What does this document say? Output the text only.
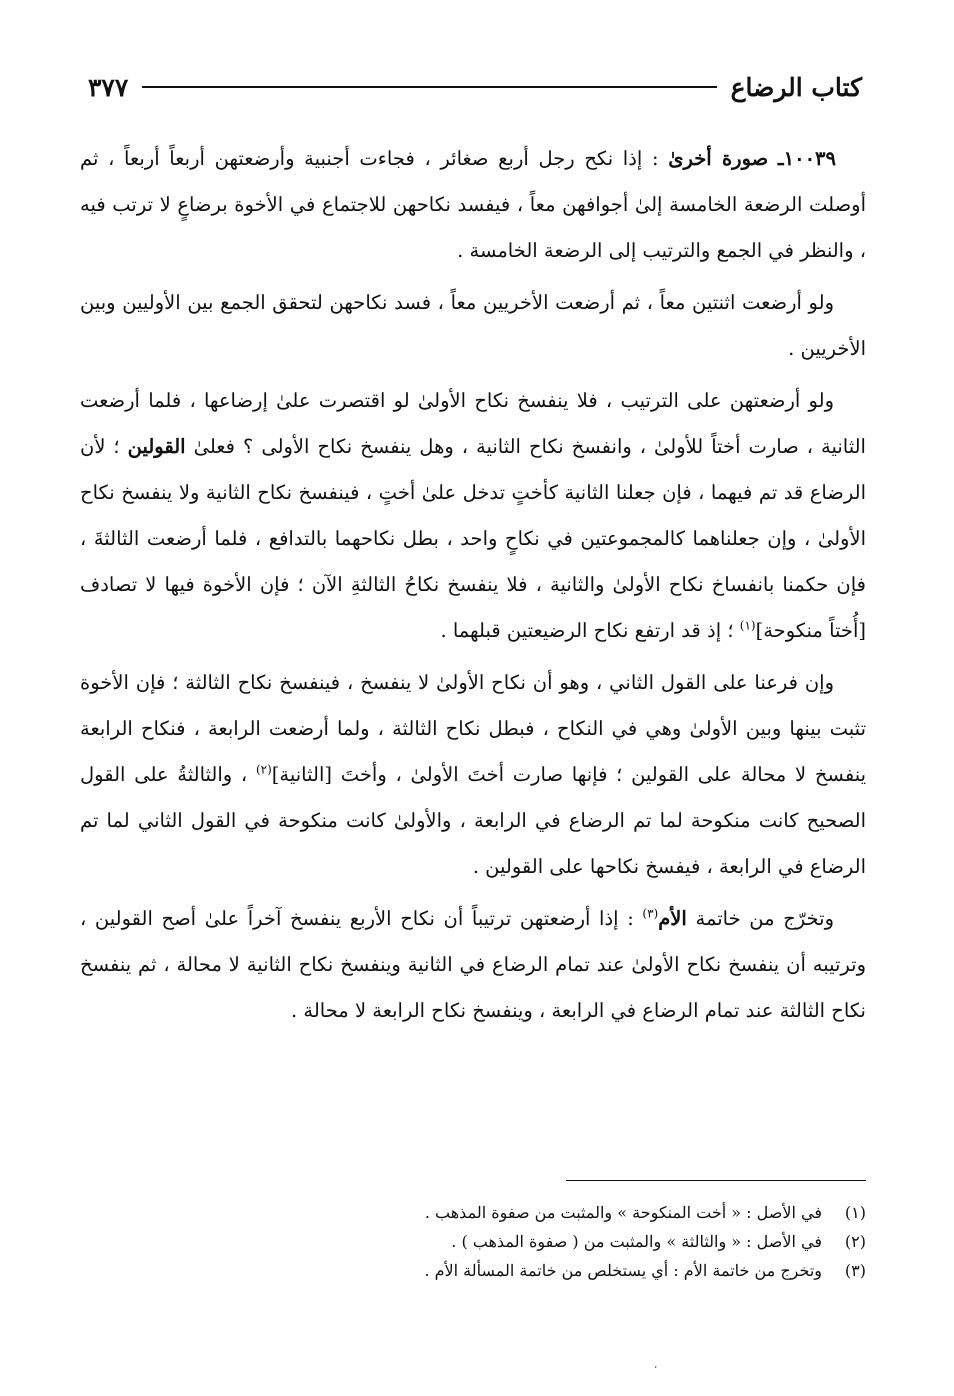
كتاب الرضاع
٣٧٧

١٠٠٣٩ـ صورة أخرىٰ : إذا نكح رجل أربع صغائر ، فجاءت أجنبية وأرضعتهن أربعاً أربعاً ، ثم أوصلت الرضعة الخامسة إلىٰ أجوافهن معاً ، فيفسد نكاحهن للاجتماع في الأخوة برضاعٍ لا ترتب فيه ، والنظر في الجمع والترتيب إلى الرضعة الخامسة .

ولو أرضعت اثنتين معاً ، ثم أرضعت الأخريين معاً ، فسد نكاحهن لتحقق الجمع بين الأوليين وبين الأخريين .

ولو أرضعتهن على الترتيب ، فلا ينفسخ نكاح الأولىٰ لو اقتصرت علىٰ إرضاعها ، فلما أرضعت الثانية ، صارت أختاً للأولىٰ ، وانفسخ نكاح الثانية ، وهل ينفسخ نكاح الأولى ؟ فعلىٰ القولين ؛ لأن الرضاع قد تم فيهما ، فإن جعلنا الثانية كأختٍ تدخل علىٰ أختٍ ، فينفسخ نكاح الثانية ولا ينفسخ نكاح الأولىٰ ، وإن جعلناهما كالمجموعتين في نكاحٍ واحد ، بطل نكاحهما بالتدافع ، فلما أرضعت الثالثةَ ، فإن حكمنا بانفساخ نكاح الأولىٰ والثانية ، فلا ينفسخ نكاحُ الثالثةِ الآن ؛ فإن الأخوة فيها لا تصادف [أُختاً منكوحة]$^{(١)}$ ؛ إذ قد ارتفع نكاح الرضيعتين قبلهما .

وإن فرعنا على القول الثاني ، وهو أن نكاح الأولىٰ لا ينفسخ ، فينفسخ نكاح الثالثة ؛ فإن الأخوة تثبت بينها وبين الأولىٰ وهي في النكاح ، فبطل نكاح الثالثة ، ولما أرضعت الرابعة ، فنكاح الرابعة ينفسخ لا محالة على القولين ؛ فإنها صارت أختَ الأولىٰ ، وأختَ [الثانية]$^{(٢)}$ ، والثالثةُ على القول الصحيح كانت منكوحة لما تم الرضاع في الرابعة ، والأولىٰ كانت منكوحة في القول الثاني لما تم الرضاع في الرابعة ، فيفسخ نكاحها على القولين .

وتخرّج من خاتمة الأم$^{(٣)}$ : إذا أرضعتهن ترتيباً أن نكاح الأربع ينفسخ آخراً علىٰ أصح القولين ، وترتيبه أن ينفسخ نكاح الأولىٰ عند تمام الرضاع في الثانية وينفسخ نكاح الثانية لا محالة ، ثم ينفسخ نكاح الثالثة عند تمام الرضاع في الرابعة ، وينفسخ نكاح الرابعة لا محالة .

(١)
في الأصل : « أخت المنكوحة » والمثبت من صفوة المذهب .
(٢)
في الأصل : « والثالثة » والمثبت من ( صفوة المذهب ) .
(٣)
وتخرج من خاتمة الأم : أي يستخلص من خاتمة المسألة الأم .
،
